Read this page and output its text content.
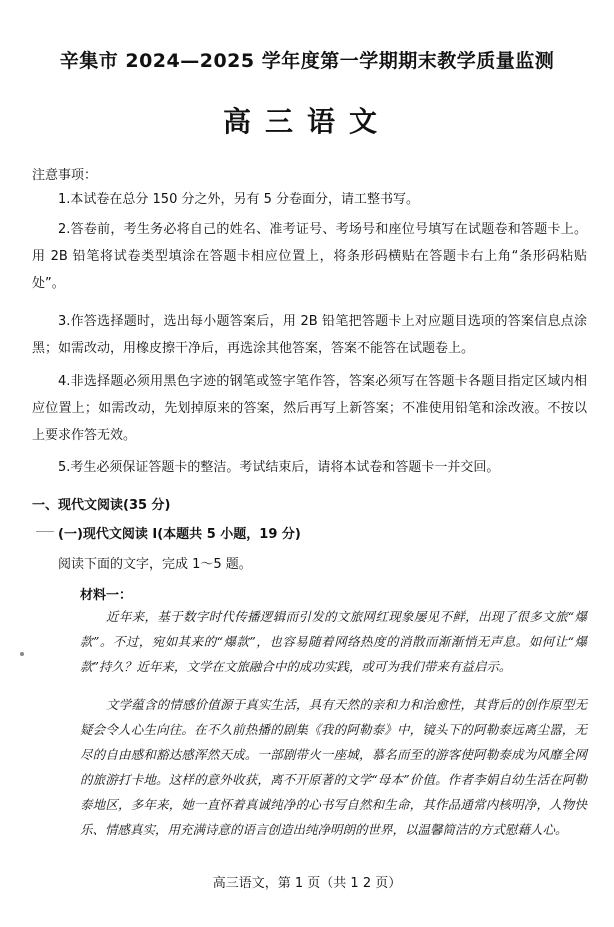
辛集市 2024—2025 学年度第一学期期末教学质量监测
高三语文
注意事项：
1.本试卷在总分 150 分之外，另有 5 分卷面分，请工整书写。
2.答卷前，考生务必将自己的姓名、准考证号、考场号和座位号填写在试题卷和答题卡上。用 2B 铅笔将试卷类型填涂在答题卡相应位置上，将条形码横贴在答题卡右上角“条形码粘贴处”。
3.作答选择题时，选出每小题答案后，用 2B 铅笔把答题卡上对应题目选项的答案信息点涂黑；如需改动，用橡皮擦干净后，再选涂其他答案，答案不能答在试题卷上。
4.非选择题必须用黑色字迹的钢笔或签字笔作答，答案必须写在答题卡各题目指定区域内相应位置上；如需改动，先划掉原来的答案，然后再写上新答案；不准使用铅笔和涂改液。不按以上要求作答无效。
5.考生必须保证答题卡的整洁。考试结束后，请将本试卷和答题卡一并交回。
一、现代文阅读(35 分)
(一)现代文阅读 I(本题共 5 小题，19 分)
阅读下面的文字，完成 1～5 题。
材料一：
近年来，基于数字时代传播逻辑而引发的文旅网红现象屡见不鲜，出现了很多文旅“爆款”。不过，宛如其来的“爆款”，也容易随着网络热度的消散而渐渐悄无声息。如何让“爆款”持久？近年来，文学在文旅融合中的成功实践，或可为我们带来有益启示。
文学蕴含的情感价值源于真实生活，具有天然的亲和力和治愈性，其背后的创作原型无疑会令人心生向往。在不久前热播的剧集《我的阿勒泰》中，镜头下的阿勒泰远离尘嚣，无尽的自由感和豁达感浑然天成。一部剧带火一座城，慕名而至的游客使阿勒泰成为风靡全网的旅游打卡地。这样的意外收获，离不开原著的文学“母本”价值。作者李娟自幼生活在阿勒泰地区，多年来，她一直怀着真诚纯净的心书写自然和生命，其作品通常内核明净，人物快乐、情感真实，用充满诗意的语言创造出纯净明朗的世界，以温馨简洁的方式慰藉人心。
高三语文，第 1 页（共 1 2 页）
